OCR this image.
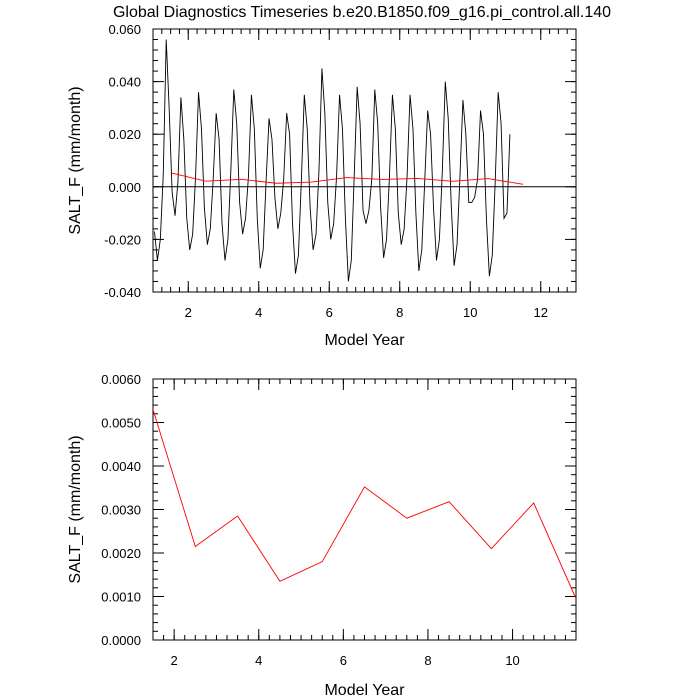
Global Diagnostics Timeseries b.e20.B1850.f09_g16.pi_control.all.140
2	4	6	8	10	12
-0.040
-0.020
0.000
0.020
0.040
0.060
Model Year
SALT_F (mm/month)
2	4	6	8	10
0.0000
0.0010
0.0020
0.0030
0.0040
0.0050
0.0060
Model Year
SALT_F (mm/month)
